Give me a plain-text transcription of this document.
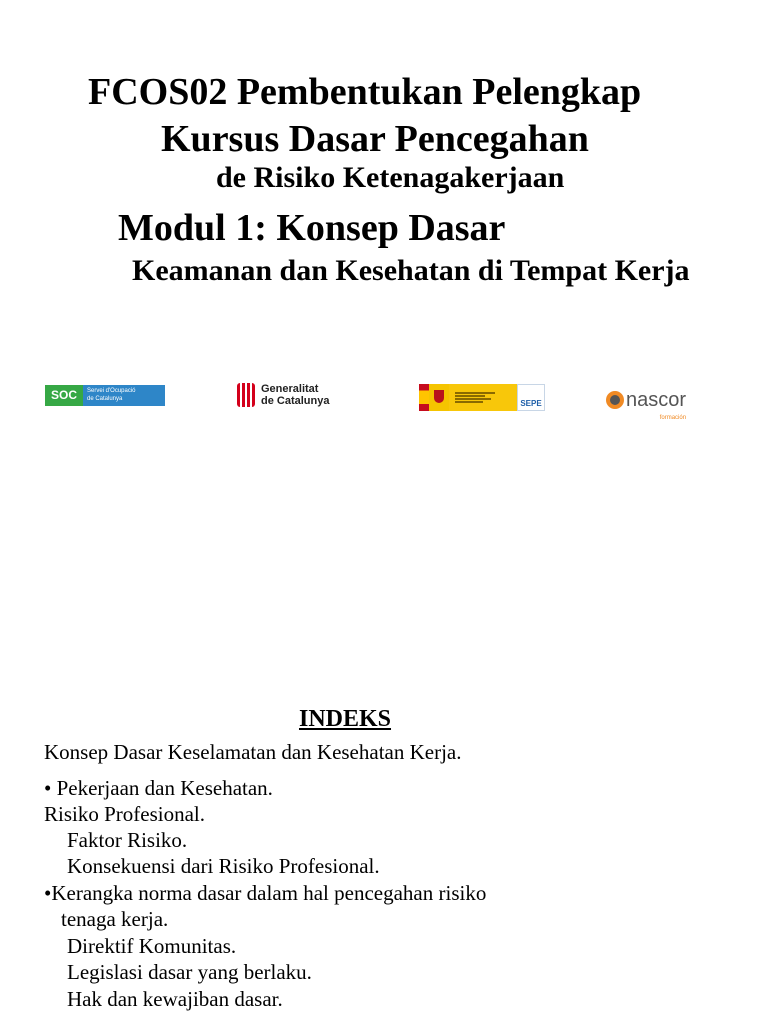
FCOS02 Pembentukan Pelengkap
Kursus Dasar Pencegahan
de Risiko Ketenagakerjaan
Modul 1: Konsep Dasar
Keamanan dan Kesehatan di Tempat Kerja
SOC	Servei d'Ocupació
de Catalunya
Generalitat
de Catalunya	SEPE	nascor
formación
INDEKS
Konsep Dasar Keselamatan dan Kesehatan Kerja.
• Pekerjaan dan Kesehatan.
Risiko Profesional.
Faktor Risiko.
Konsekuensi dari Risiko Profesional.
•Kerangka norma dasar dalam hal pencegahan risiko
tenaga kerja.
Direktif Komunitas.
Legislasi dasar yang berlaku.
Hak dan kewajiban dasar.
